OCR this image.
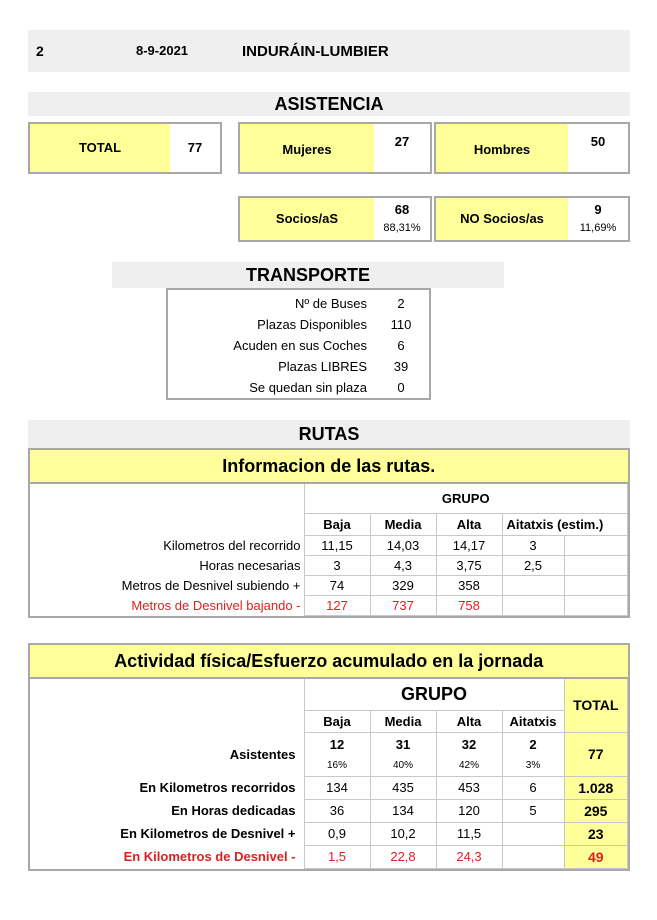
2	8-9-2021	INDURÁIN-LUMBIER
ASISTENCIA
TOTAL	77	Mujeres
27
Hombres
50
Socios/aS
68
88,31%
NO Socios/as
9
11,69%
TRANSPORTE
Nº de Buses	2
Plazas Disponibles	110
Acuden en sus Coches	6
Plazas LIBRES	39
Se quedan sin plaza	0
RUTAS
Informacion de las rutas.					
	GRUPO				
	Baja	Media	Alta	Aitatxis (estim.)	
Kilometros del recorrido	11,15	14,03	14,17	3	
Horas necesarias	3	4,3	3,75	2,5	
Metros de Desnivel subiendo +	74	329	358		
Metros de Desnivel bajando -	127	737	758		
Actividad física/Esfuerzo acumulado en la jornada					
	GRUPO				TOTAL
	Baja	Media	Alta	Aitatxis	
Asistentes	12	31	32	2	77
	16%	40%	42%	3%	
En Kilometros recorridos	134	435	453	6	1.028
En Horas dedicadas	36	134	120	5	295
En Kilometros de Desnivel +	0,9	10,2	11,5		23
En Kilometros de Desnivel -	1,5	22,8	24,3		49
